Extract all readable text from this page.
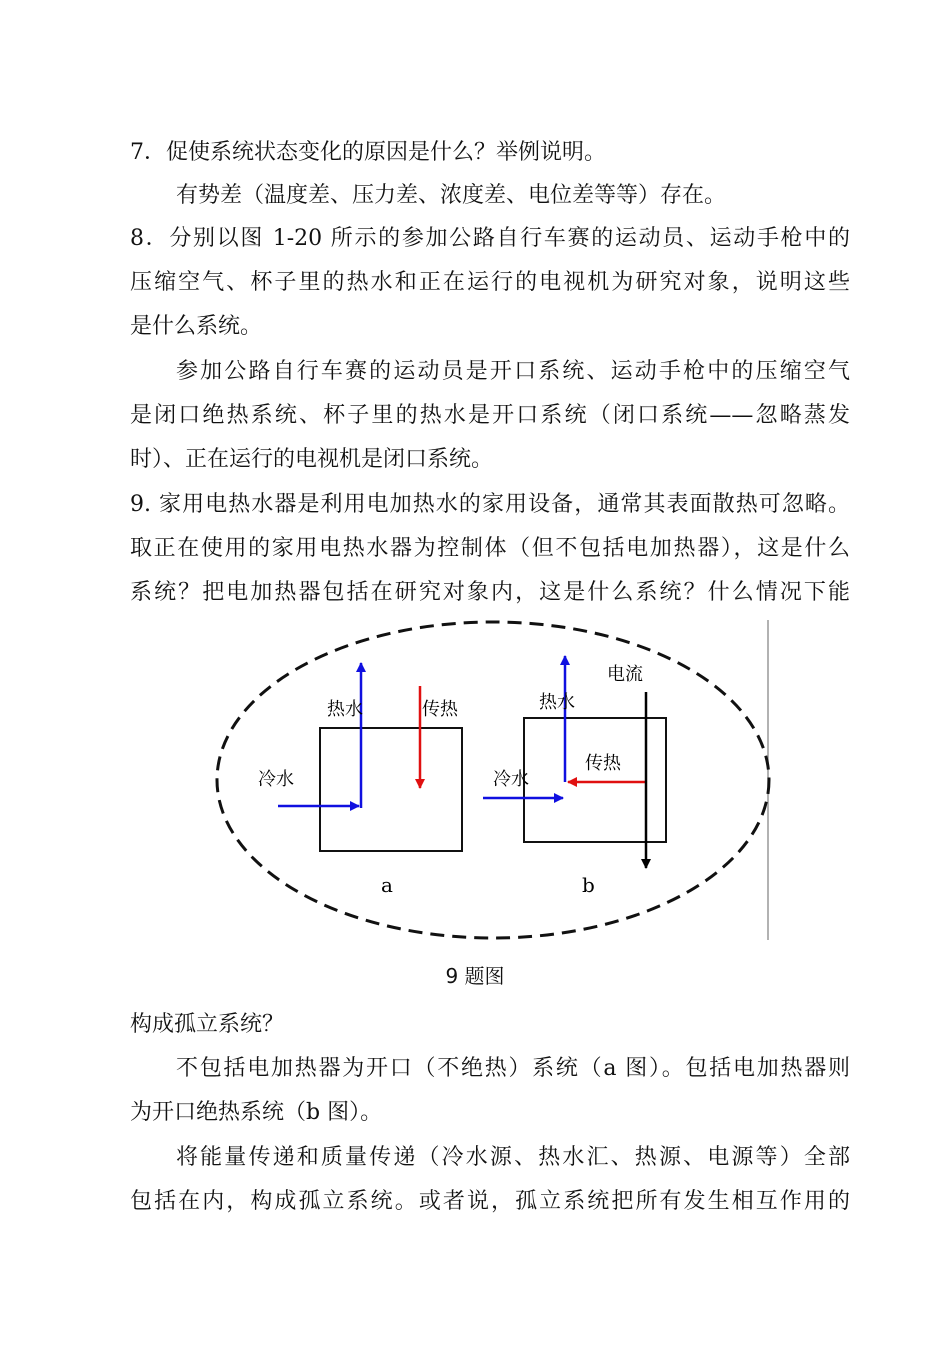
7．促使系统状态变化的原因是什么？举例说明。
有势差（温度差、压力差、浓度差、电位差等等）存在。
8．分别以图 1-20 所示的参加公路自行车赛的运动员、运动手枪中的
压缩空气、杯子里的热水和正在运行的电视机为研究对象，说明这些
是什么系统。
参加公路自行车赛的运动员是开口系统、运动手枪中的压缩空气
是闭口绝热系统、杯子里的热水是开口系统（闭口系统——忽略蒸发
时）、正在运行的电视机是闭口系统。
9. 家用电热水器是利用电加热水的家用设备，通常其表面散热可忽略。
取正在使用的家用电热水器为控制体（但不包括电加热器），这是什么
系统？把电加热器包括在研究对象内，这是什么系统？什么情况下能
热水	传热
冷水
a
热水
电流
传热
冷水
b
9 题图
构成孤立系统？
不包括电加热器为开口（不绝热）系统（a 图）。包括电加热器则
为开口绝热系统（b 图）。
将能量传递和质量传递（冷水源、热水汇、热源、电源等）全部
包括在内，构成孤立系统。或者说，孤立系统把所有发生相互作用的
